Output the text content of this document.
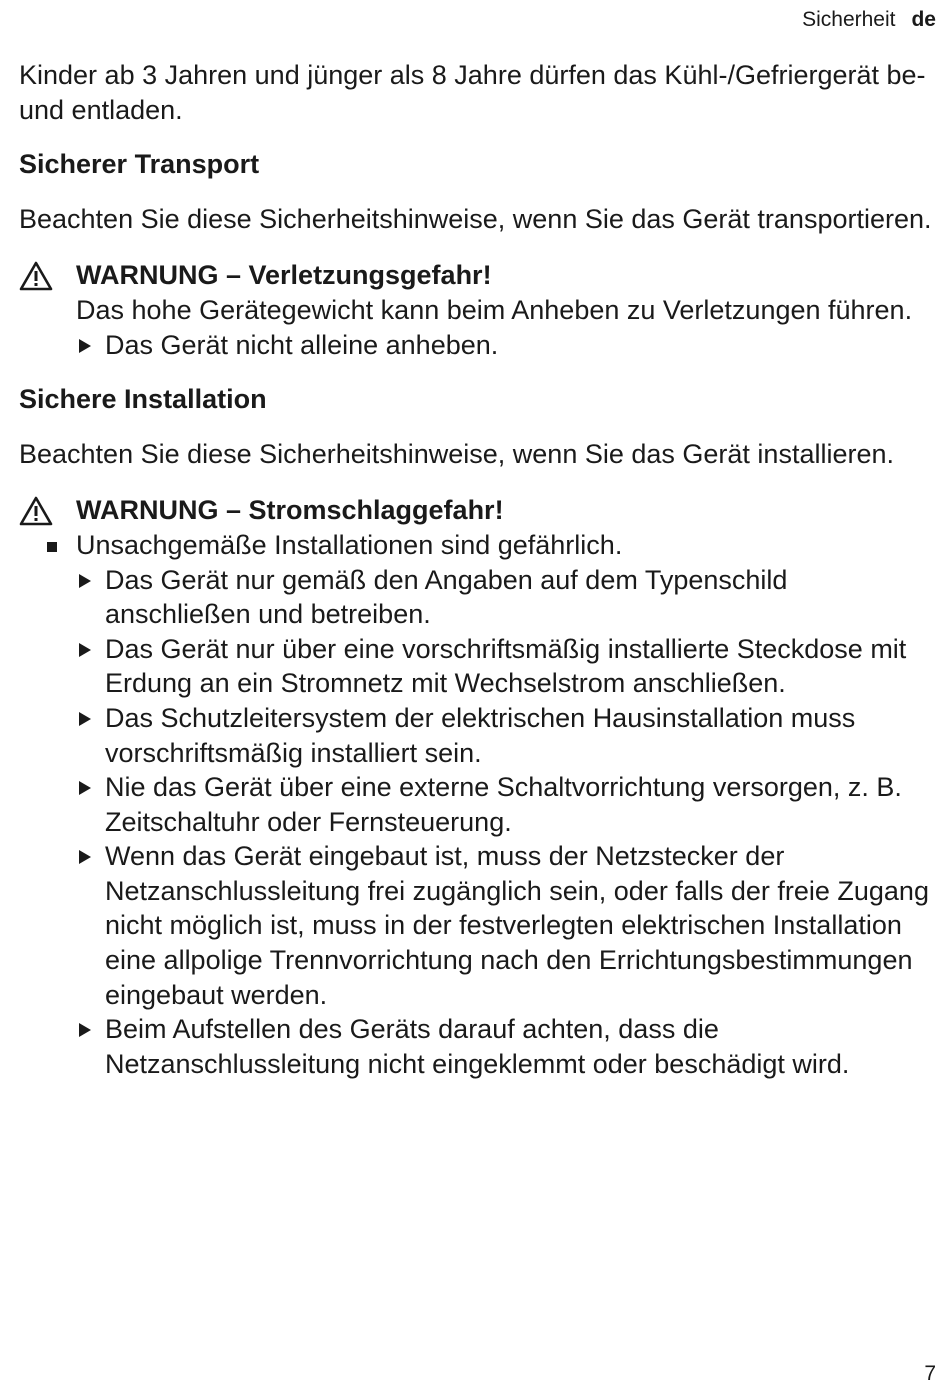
Sicherheit de

Kinder ab 3 Jahren und jünger als 8 Jahre dürfen das Kühl-/Gefriergerät be- und entladen.

Sicherer Transport

Beachten Sie diese Sicherheitshinweise, wenn Sie das Gerät transportieren.

WARNUNG – Verletzungsgefahr!

Das hohe Gerätegewicht kann beim Anheben zu Verletzungen führen.

Das Gerät nicht alleine anheben.
Sichere Installation

Beachten Sie diese Sicherheitshinweise, wenn Sie das Gerät installieren.

WARNUNG – Stromschlaggefahr!
Unsachgemäße Installationen sind gefährlich.
Das Gerät nur gemäß den Angaben auf dem Typenschild anschließen und betreiben.
Das Gerät nur über eine vorschriftsmäßig installierte Steckdose mit Erdung an ein Stromnetz mit Wechselstrom anschließen.
Das Schutzleitersystem der elektrischen Hausinstallation muss vorschriftsmäßig installiert sein.
Nie das Gerät über eine externe Schaltvorrichtung versorgen, z. B. Zeitschaltuhr oder Fernsteuerung.
Wenn das Gerät eingebaut ist, muss der Netzstecker der Netzanschlussleitung frei zugänglich sein, oder falls der freie Zugang nicht möglich ist, muss in der festverlegten elektrischen Installation eine allpolige Trennvorrichtung nach den Errichtungsbestimmungen eingebaut werden.
Beim Aufstellen des Geräts darauf achten, dass die Netzanschlussleitung nicht eingeklemmt oder beschädigt wird.
7
